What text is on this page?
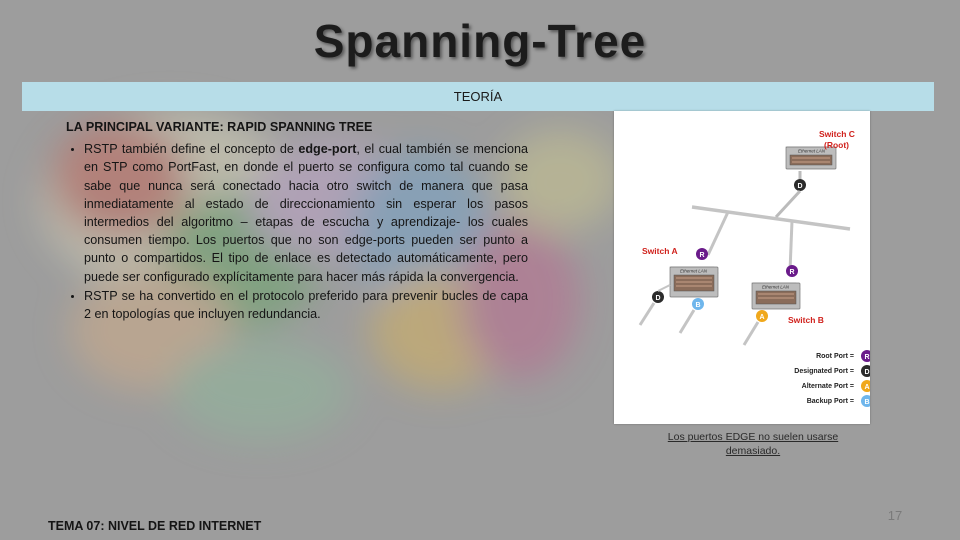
Spanning-Tree
TEORÍA
LA PRINCIPAL VARIANTE: RAPID SPANNING TREE
• RSTP también define el concepto de edge-port, el cual también se menciona en STP como PortFast, en donde el puerto se configura como tal cuando se sabe que nunca será conectado hacia otro switch de manera que pasa inmediatamente al estado de direccionamiento sin esperar los pasos intermedios del algoritmo – etapas de escucha y aprendizaje- los cuales consumen tiempo. Los puertos que no son edge-ports pueden ser punto a punto o compartidos. El tipo de enlace es detectado automáticamente, pero puede ser configurado explícitamente para hacer más rápida la convergencia.
• RSTP se ha convertido en el protocolo preferido para prevenir bucles de capa 2 en topologías que incluyen redundancia.
Ethernet LAN
Switch C
(Root)
D
Switch A	R
Ethernet LAN
D
B
R
Ethernet LAN
A	Switch B
Root Port = R
Designated Port = D
Alternate Port = A
Backup Port = B
Los puertos EDGE no suelen usarse demasiado.
17
TEMA 07: NIVEL DE RED INTERNET
